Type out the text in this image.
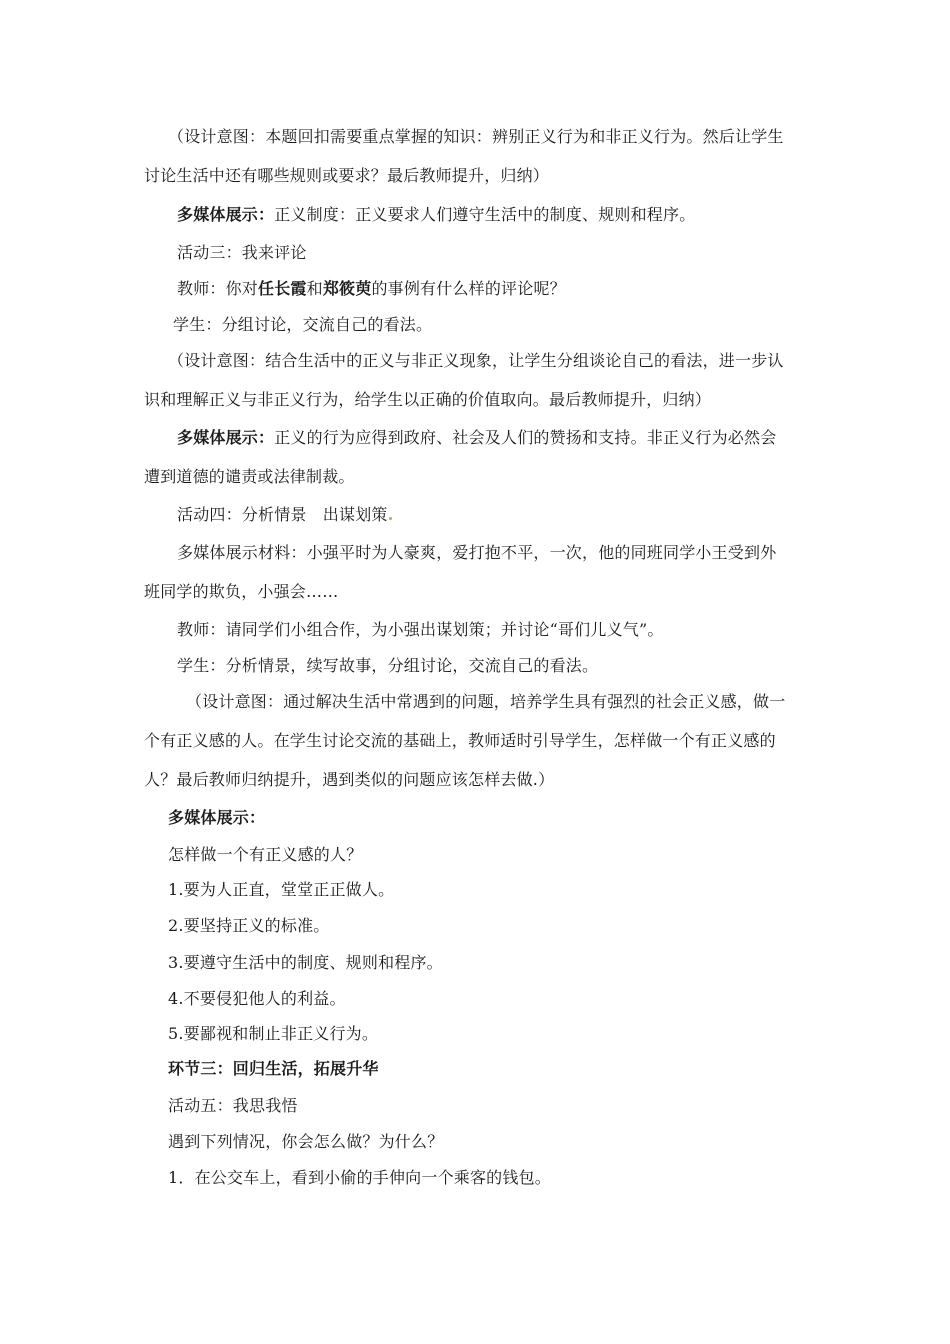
（设计意图：本题回扣需要重点掌握的知识：辨别正义行为和非正义行为。然后让学生
讨论生活中还有哪些规则或要求？最后教师提升，归纳）
多媒体展示：正义制度：正义要求人们遵守生活中的制度、规则和程序。
活动三：我来评论
教师：你对任长霞和郑筱萸的事例有什么样的评论呢？
学生：分组讨论，交流自己的看法。
（设计意图：结合生活中的正义与非正义现象，让学生分组谈论自己的看法，进一步认
识和理解正义与非正义行为，给学生以正确的价值取向。最后教师提升，归纳）
多媒体展示：正义的行为应得到政府、社会及人们的赞扬和支持。非正义行为必然会
遭到道德的谴责或法律制裁。
活动四：分析情景　出谋划策
多媒体展示材料：小强平时为人豪爽，爱打抱不平，一次，他的同班同学小王受到外
班同学的欺负，小强会……
教师：请同学们小组合作，为小强出谋划策；并讨论“哥们儿义气”。
学生：分析情景，续写故事，分组讨论，交流自己的看法。
（设计意图：通过解决生活中常遇到的问题，培养学生具有强烈的社会正义感，做一
个有正义感的人。在学生讨论交流的基础上，教师适时引导学生，怎样做一个有正义感的
人？最后教师归纳提升，遇到类似的问题应该怎样去做.）
多媒体展示：
怎样做一个有正义感的人？
1.要为人正直，堂堂正正做人。
2.要坚持正义的标准。
3.要遵守生活中的制度、规则和程序。
4.不要侵犯他人的利益。
5.要鄙视和制止非正义行为。
环节三：回归生活，拓展升华
活动五：我思我悟
遇到下列情况，你会怎么做？为什么？
1．在公交车上，看到小偷的手伸向一个乘客的钱包。
